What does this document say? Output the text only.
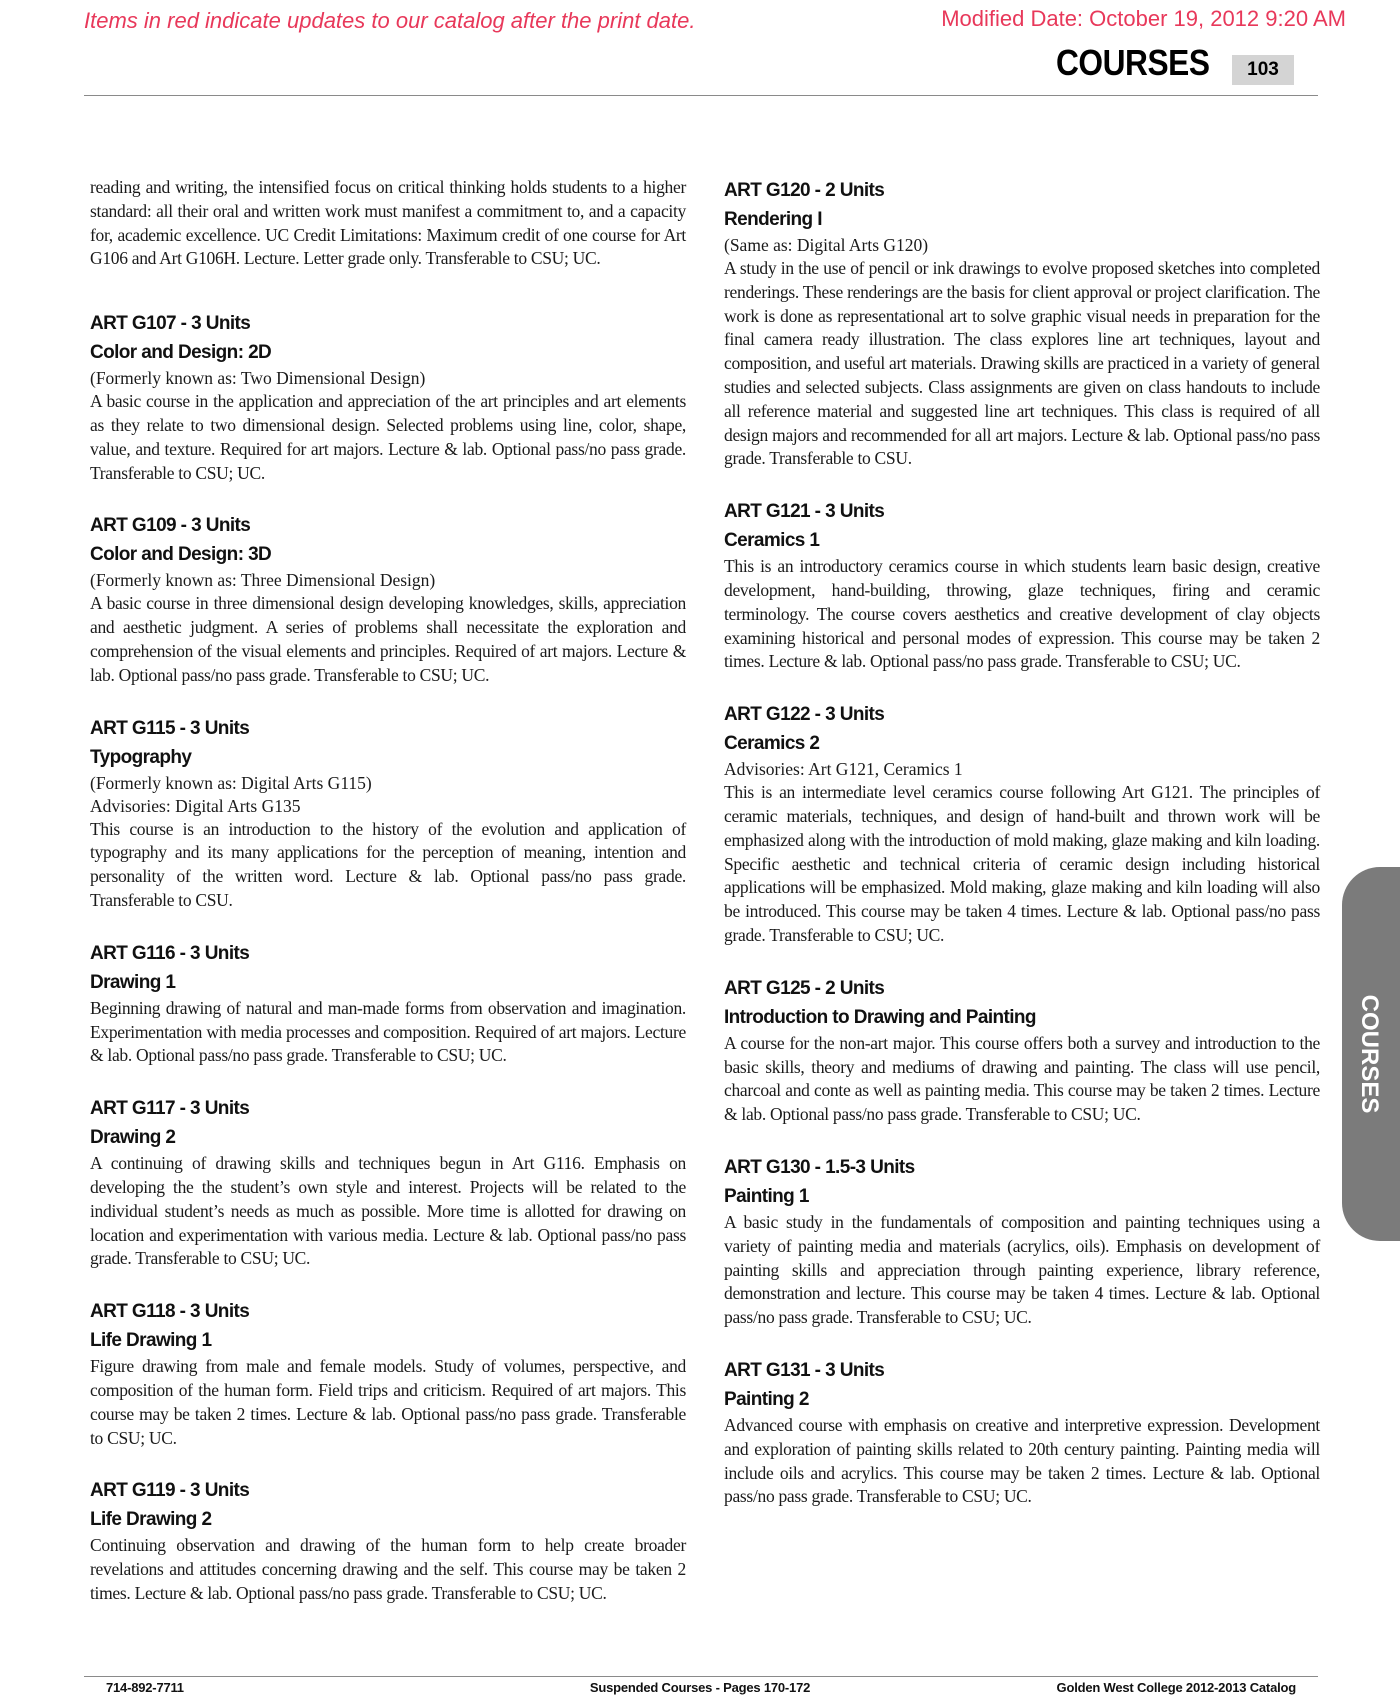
Items in red indicate updates to our catalog after the print date.	Modified Date: October 19, 2012 9:20 AM
COURSES	103
reading and writing, the intensified focus on critical thinking holds students to a higher standard: all their oral and written work must manifest a commitment to, and a capacity for, academic excellence. UC Credit Limitations: Maximum credit of one course for Art G106 and Art G106H. Lecture. Letter grade only. Transferable to CSU; UC.
ART G107 - 3 Units
Color and Design: 2D
(Formerly known as: Two Dimensional Design)
A basic course in the application and appreciation of the art principles and art elements as they relate to two dimensional design. Selected problems using line, color, shape, value, and texture. Required for art majors. Lecture & lab. Optional pass/no pass grade. Transferable to CSU; UC.
ART G109 - 3 Units
Color and Design: 3D
(Formerly known as: Three Dimensional Design)
A basic course in three dimensional design developing knowledges, skills, appreciation and aesthetic judgment. A series of problems shall necessitate the exploration and comprehension of the visual elements and principles. Required of art majors. Lecture & lab. Optional pass/no pass grade. Transferable to CSU; UC.
ART G115 - 3 Units
Typography
(Formerly known as: Digital Arts G115)
Advisories: Digital Arts G135
This course is an introduction to the history of the evolution and application of typography and its many applications for the perception of meaning, intention and personality of the written word. Lecture & lab. Optional pass/no pass grade. Transferable to CSU.
ART G116 - 3 Units
Drawing 1
Beginning drawing of natural and man-made forms from observation and imagination. Experimentation with media processes and composition. Required of art majors. Lecture & lab. Optional pass/no pass grade. Transferable to CSU; UC.
ART G117 - 3 Units
Drawing 2
A continuing of drawing skills and techniques begun in Art G116. Emphasis on developing the the student’s own style and interest. Projects will be related to the individual student’s needs as much as possible. More time is allotted for drawing on location and experimentation with various media. Lecture & lab. Optional pass/no pass grade. Transferable to CSU; UC.
ART G118 - 3 Units
Life Drawing 1
Figure drawing from male and female models. Study of volumes, perspective, and composition of the human form. Field trips and criticism. Required of art majors. This course may be taken 2 times. Lecture & lab. Optional pass/no pass grade. Transferable to CSU; UC.
ART G119 - 3 Units
Life Drawing 2
Continuing observation and drawing of the human form to help create broader revelations and attitudes concerning drawing and the self. This course may be taken 2 times. Lecture & lab. Optional pass/no pass grade. Transferable to CSU; UC.
ART G120 - 2 Units
Rendering I
(Same as: Digital Arts G120)
A study in the use of pencil or ink drawings to evolve proposed sketches into completed renderings. These renderings are the basis for client approval or project clarification. The work is done as representational art to solve graphic visual needs in preparation for the final camera ready illustration. The class explores line art techniques, layout and composition, and useful art materials. Drawing skills are practiced in a variety of general studies and selected subjects. Class assignments are given on class handouts to include all reference material and suggested line art techniques. This class is required of all design majors and recommended for all art majors. Lecture & lab. Optional pass/no pass grade. Transferable to CSU.
ART G121 - 3 Units
Ceramics 1
This is an introductory ceramics course in which students learn basic design, creative development, hand-building, throwing, glaze techniques, firing and ceramic terminology. The course covers aesthetics and creative development of clay objects examining historical and personal modes of expression. This course may be taken 2 times. Lecture & lab. Optional pass/no pass grade. Transferable to CSU; UC.
ART G122 - 3 Units
Ceramics 2
Advisories: Art G121, Ceramics 1
This is an intermediate level ceramics course following Art G121. The principles of ceramic materials, techniques, and design of hand-built and thrown work will be emphasized along with the introduction of mold making, glaze making and kiln loading. Specific aesthetic and technical criteria of ceramic design including historical applications will be emphasized. Mold making, glaze making and kiln loading will also be introduced. This course may be taken 4 times. Lecture & lab. Optional pass/no pass grade. Transferable to CSU; UC.
ART G125 - 2 Units
Introduction to Drawing and Painting
A course for the non-art major. This course offers both a survey and introduction to the basic skills, theory and mediums of drawing and painting. The class will use pencil, charcoal and conte as well as painting media. This course may be taken 2 times. Lecture & lab. Optional pass/no pass grade. Transferable to CSU; UC.
ART G130 - 1.5-3 Units
Painting 1
A basic study in the fundamentals of composition and painting techniques using a variety of painting media and materials (acrylics, oils). Emphasis on development of painting skills and appreciation through painting experience, library reference, demonstration and lecture. This course may be taken 4 times. Lecture & lab. Optional pass/no pass grade. Transferable to CSU; UC.
ART G131 - 3 Units
Painting 2
Advanced course with emphasis on creative and interpretive expression. Development and exploration of painting skills related to 20th century painting. Painting media will include oils and acrylics. This course may be taken 2 times. Lecture & lab. Optional pass/no pass grade. Transferable to CSU; UC.
COURSES
714-892-7711	Suspended Courses - Pages 170-172	Golden West College 2012-2013 Catalog
